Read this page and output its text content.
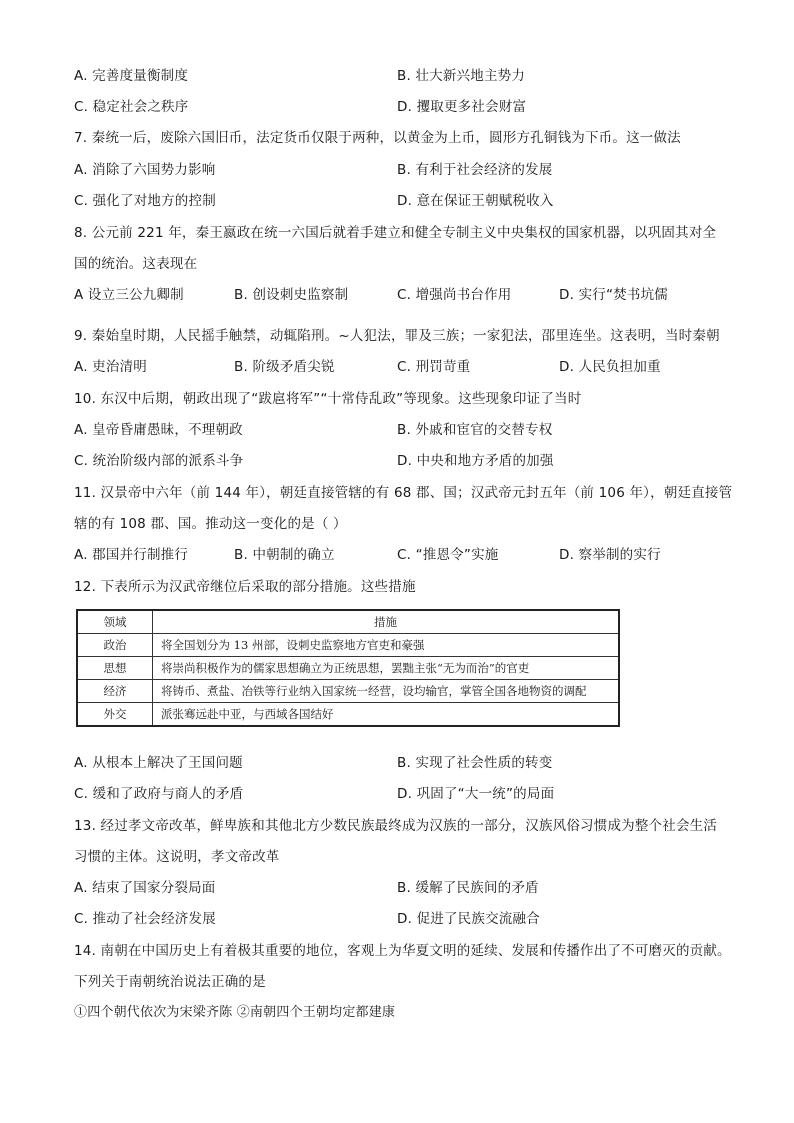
A. 完善度量衡制度	B. 壮大新兴地主势力
C. 稳定社会之秩序	D. 攫取更多社会财富
7. 秦统一后，废除六国旧币，法定货币仅限于两种，以黄金为上币，圆形方孔铜钱为下币。这一做法
A. 消除了六国势力影响	B. 有利于社会经济的发展
C. 强化了对地方的控制	D. 意在保证王朝赋税收入
8. 公元前 221 年，秦王嬴政在统一六国后就着手建立和健全专制主义中央集权的国家机器，以巩固其对全
国的统治。这表现在
A 设立三公九卿制	B. 创设刺史监察制	C. 增强尚书台作用	D. 实行“焚书坑儒
9. 秦始皇时期，人民摇手触禁，动辄陷刑。~人犯法，罪及三族；一家犯法，邵里连坐。这表明，当时秦朝
A. 吏治清明	B. 阶级矛盾尖锐	C. 刑罚苛重	D. 人民负担加重
10. 东汉中后期，朝政出现了“跋扈将军”“十常侍乱政”等现象。这些现象印证了当时
A. 皇帝昏庸愚昧，不理朝政	B. 外戚和宦官的交替专权
C. 统治阶级内部的派系斗争	D. 中央和地方矛盾的加强
11. 汉景帝中六年（前 144 年），朝廷直接管辖的有 68 郡、国；汉武帝元封五年（前 106 年），朝廷直接管
辖的有 108 郡、国。推动这一变化的是（ ）
A. 郡国并行制推行	B. 中朝制的确立	C. “推恩令”实施	D. 察举制的实行
12. 下表所示为汉武帝继位后采取的部分措施。这些措施
领域	措施
政治	将全国划分为 13 州部，设刺史监察地方官吏和豪强
思想	将崇尚积极作为的儒家思想确立为正统思想，罢黜主张“无为而治”的官吏
经济	将铸币、煮盐、冶铁等行业纳入国家统一经营，设均输官，掌管全国各地物资的调配
外交	派张骞远赴中亚，与西域各国结好
A. 从根本上解决了王国问题	B. 实现了社会性质的转变
C. 缓和了政府与商人的矛盾	D. 巩固了“大一统”的局面
13. 经过孝文帝改革，鲜卑族和其他北方少数民族最终成为汉族的一部分，汉族风俗习惯成为整个社会生活
习惯的主体。这说明，孝文帝改革
A. 结束了国家分裂局面	B. 缓解了民族间的矛盾
C. 推动了社会经济发展	D. 促进了民族交流融合
14. 南朝在中国历史上有着极其重要的地位，客观上为华夏文明的延续、发展和传播作出了不可磨灭的贡献。
下列关于南朝统治说法正确的是
①四个朝代依次为宋梁齐陈 ②南朝四个王朝均定都建康
